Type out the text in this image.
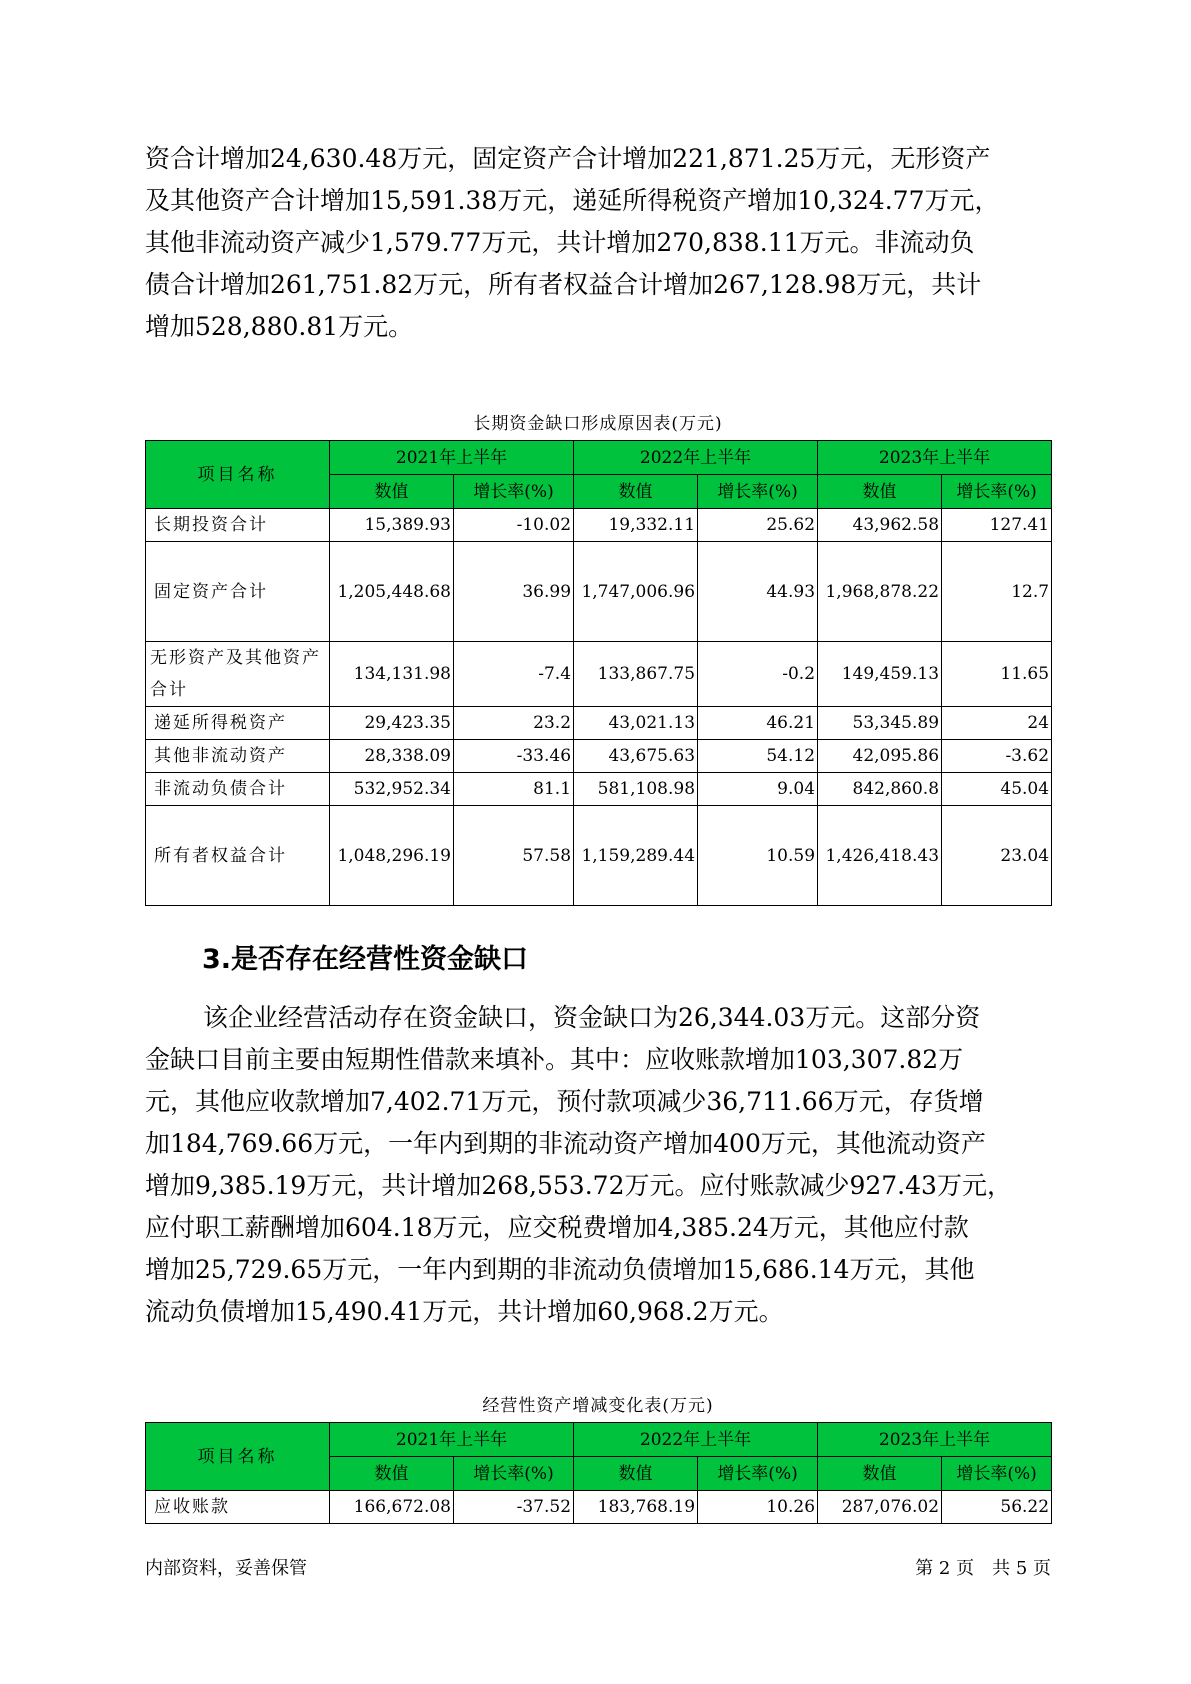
资合计增加24,630.48万元，固定资产合计增加221,871.25万元，无形资产
及其他资产合计增加15,591.38万元，递延所得税资产增加10,324.77万元，
其他非流动资产减少1,579.77万元，共计增加270,838.11万元。非流动负
债合计增加261,751.82万元，所有者权益合计增加267,128.98万元，共计
增加528,880.81万元。
长期资金缺口形成原因表(万元)
项目名称	2021年上半年		2022年上半年		2023年上半年	
	数值	增长率(%)	数值	增长率(%)	数值	增长率(%)
长期投资合计	15,389.93	-10.02	19,332.11	25.62	43,962.58	127.41
固定资产合计	1,205,448.68	36.99	1,747,006.96	44.93	1,968,878.22	12.7
无形资产及其他资产合计	134,131.98	-7.4	133,867.75	-0.2	149,459.13	11.65
递延所得税资产	29,423.35	23.2	43,021.13	46.21	53,345.89	24
其他非流动资产	28,338.09	-33.46	43,675.63	54.12	42,095.86	-3.62
非流动负债合计	532,952.34	81.1	581,108.98	9.04	842,860.8	45.04
所有者权益合计	1,048,296.19	57.58	1,159,289.44	10.59	1,426,418.43	23.04
3.是否存在经营性资金缺口
该企业经营活动存在资金缺口，资金缺口为26,344.03万元。这部分资
金缺口目前主要由短期性借款来填补。其中：应收账款增加103,307.82万
元，其他应收款增加7,402.71万元，预付款项减少36,711.66万元，存货增
加184,769.66万元，一年内到期的非流动资产增加400万元，其他流动资产
增加9,385.19万元，共计增加268,553.72万元。应付账款减少927.43万元，
应付职工薪酬增加604.18万元，应交税费增加4,385.24万元，其他应付款
增加25,729.65万元，一年内到期的非流动负债增加15,686.14万元，其他
流动负债增加15,490.41万元，共计增加60,968.2万元。
经营性资产增减变化表(万元)
项目名称	2021年上半年		2022年上半年		2023年上半年	
	数值	增长率(%)	数值	增长率(%)	数值	增长率(%)
应收账款	166,672.08	-37.52	183,768.19	10.26	287,076.02	56.22
内部资料，妥善保管	第 2 页　共 5 页
